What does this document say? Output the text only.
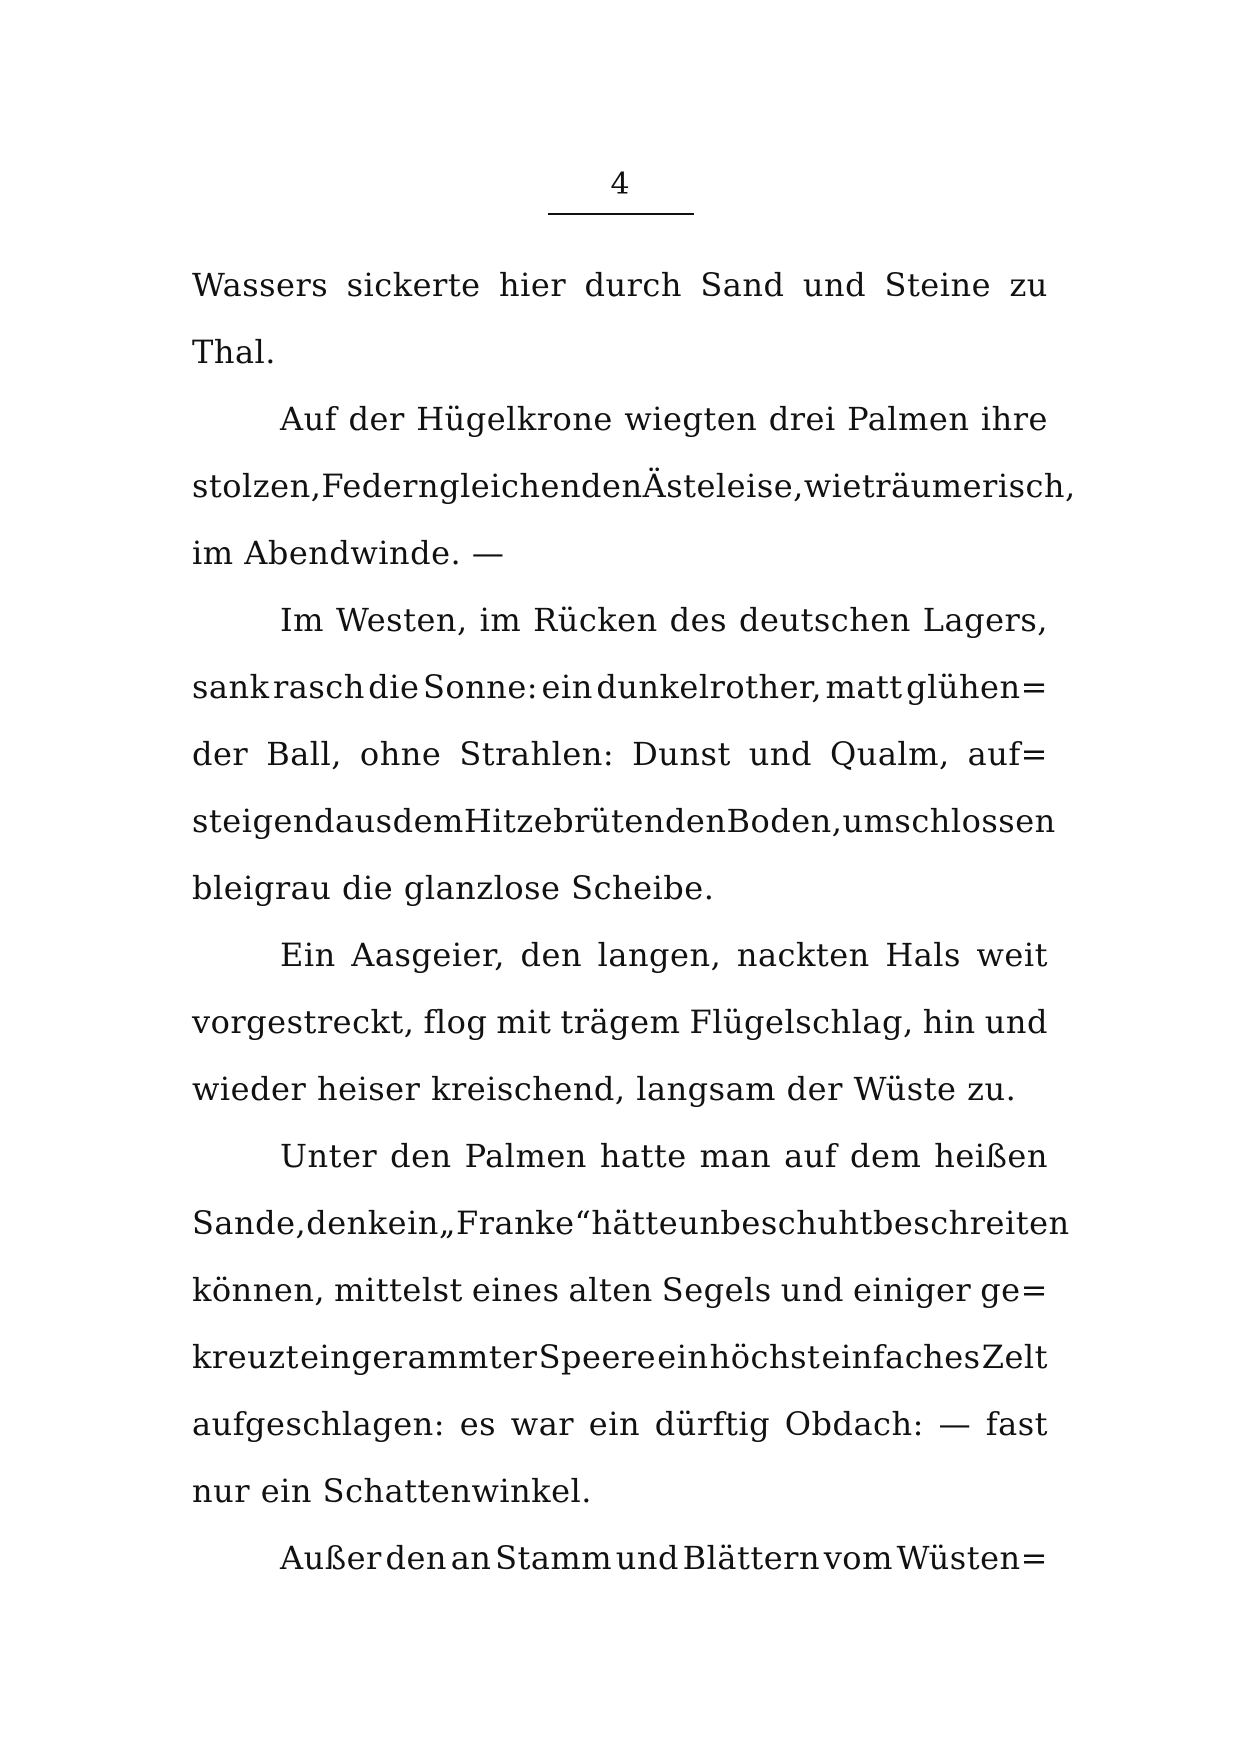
4
Wassers sickerte hier durch Sand und Steine zu
Thal.
Auf der Hügelkrone wiegten drei Palmen ihre
stolzen, Federn gleichenden Äste leise, wie träumerisch,
im Abendwinde. —
Im Westen, im Rücken des deutschen Lagers,
sank rasch die Sonne: ein dunkelrother, matt glühen=
der Ball, ohne Strahlen: Dunst und Qualm, auf=
steigend aus dem Hitze brütenden Boden, umschlossen
bleigrau die glanzlose Scheibe.
Ein Aasgeier, den langen, nackten Hals weit
vorgestreckt, flog mit trägem Flügelschlag, hin und
wieder heiser kreischend, langsam der Wüste zu.
Unter den Palmen hatte man auf dem heißen
Sande, den kein „Franke“ hätte unbeschuht beschreiten
können, mittelst eines alten Segels und einiger ge=
kreuzt eingerammter Speere ein höchst einfaches Zelt
aufgeschlagen: es war ein dürftig Obdach: — fast
nur ein Schattenwinkel.
Außer den an Stamm und Blättern vom Wüsten=
